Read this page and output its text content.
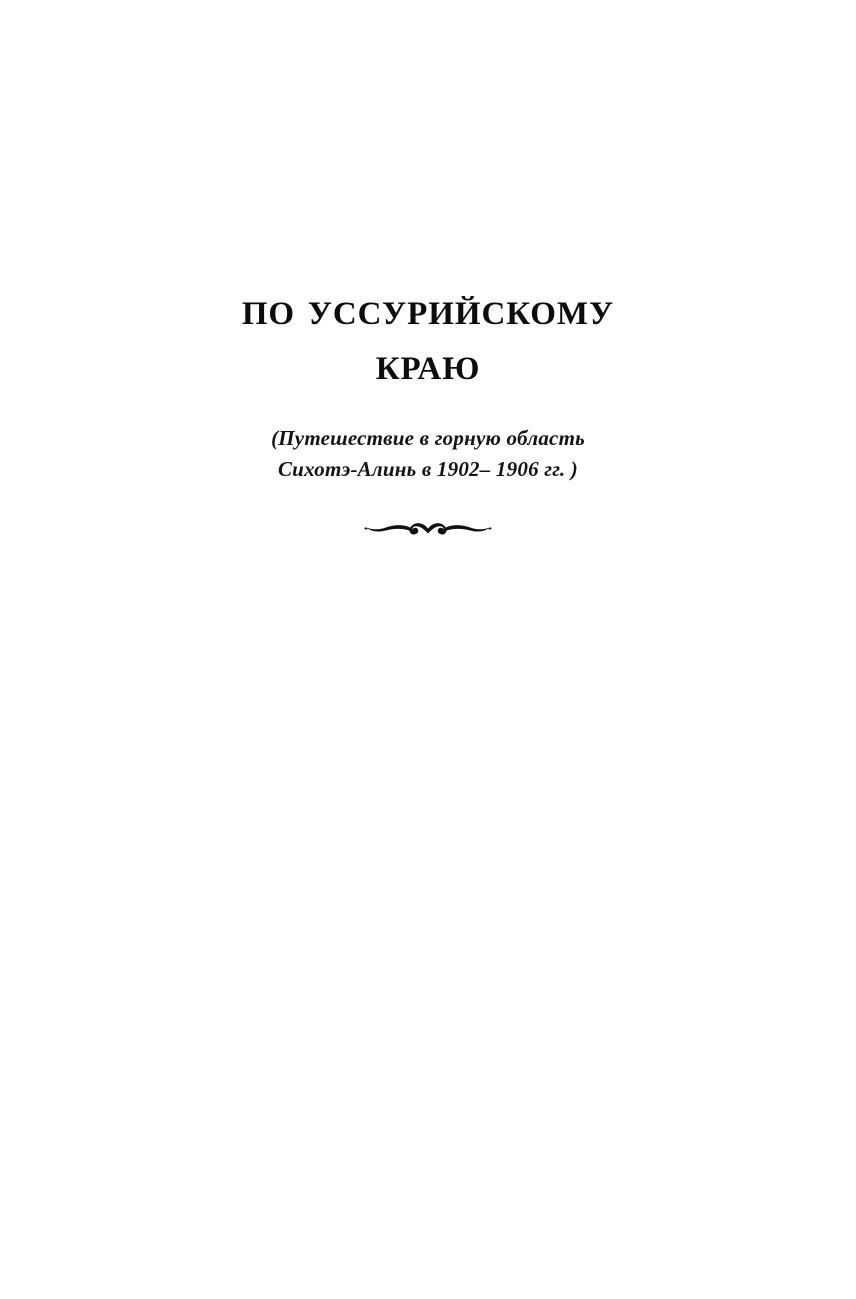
по уссурийскому
краю

(Путешествие в горную область
Сихотэ-Алинь в 1902– 1906 гг. )
